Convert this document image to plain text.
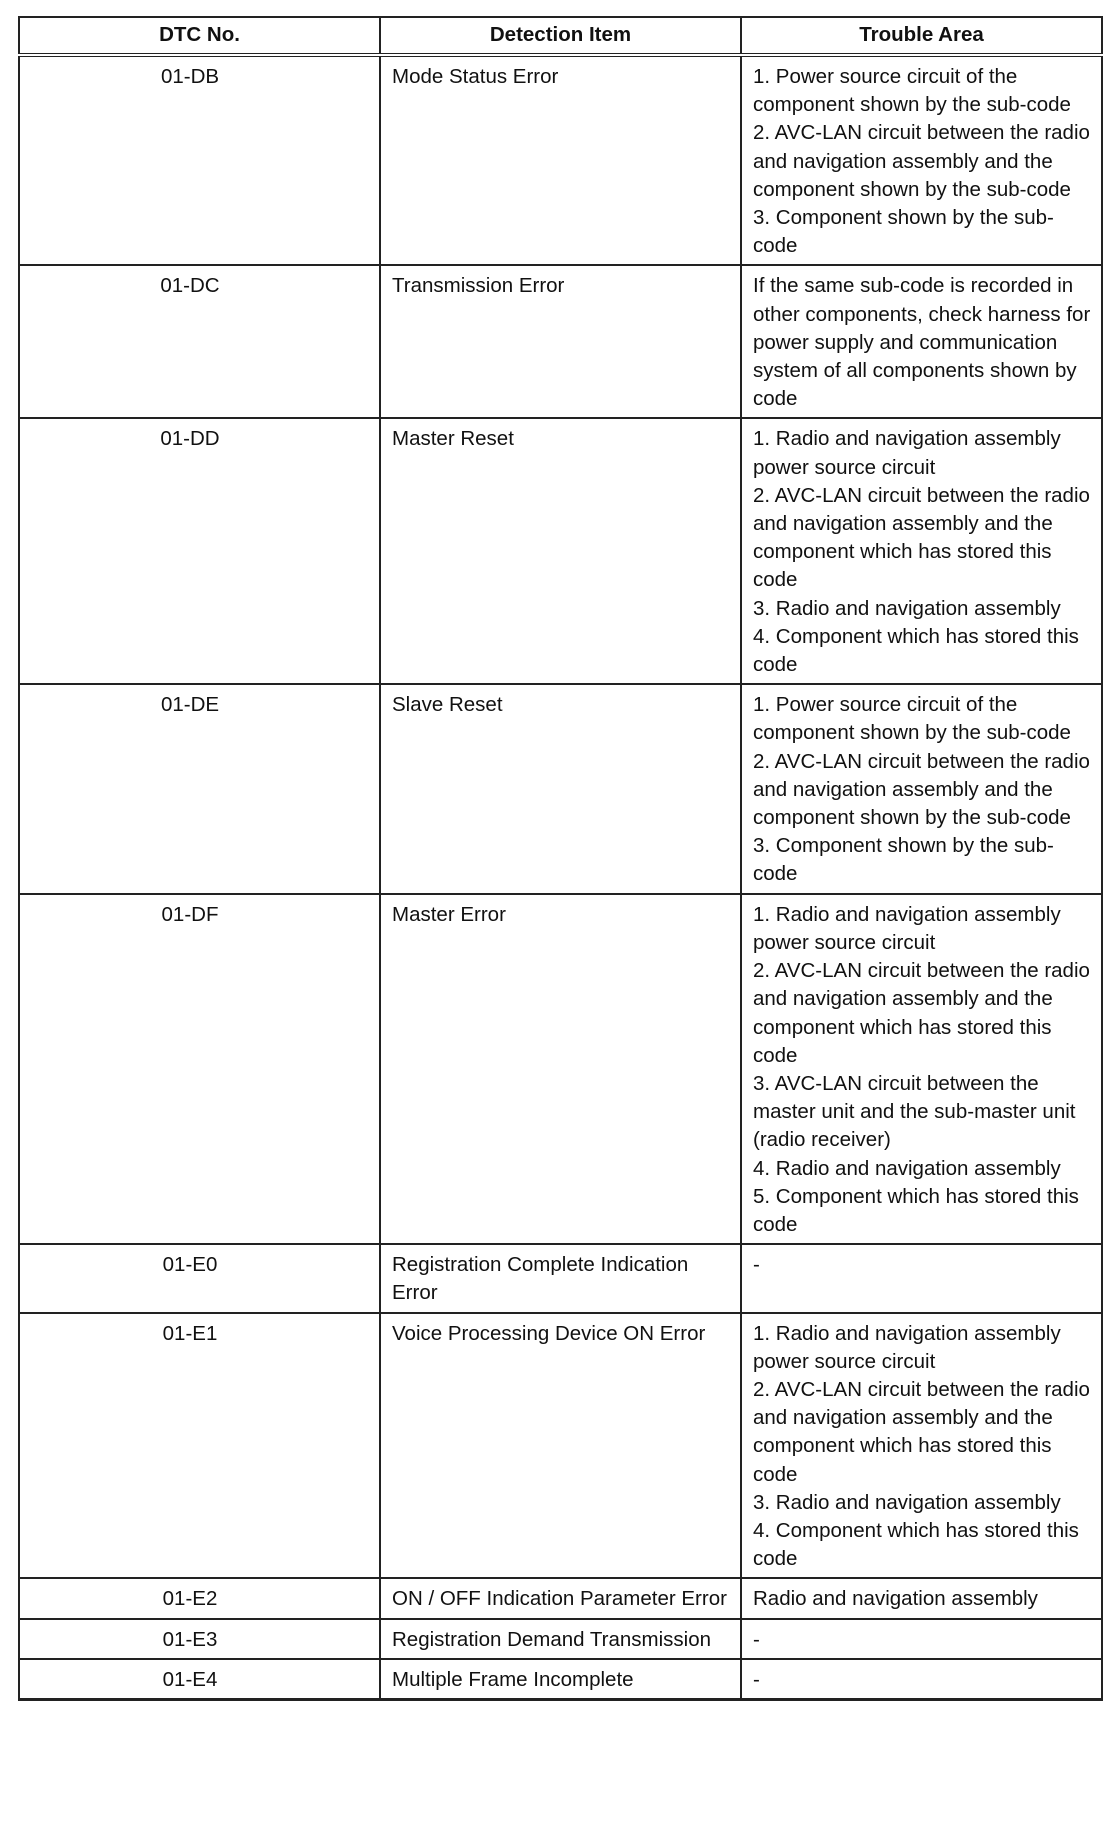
DTC No.	Detection Item	Trouble Area
01-DB	Mode Status Error	1. Power source circuit of the component shown by the sub-code
2. AVC-LAN circuit between the radio and navigation assembly and the component shown by the sub-code
3. Component shown by the sub-code
01-DC	Transmission Error	If the same sub-code is recorded in other components, check harness for power supply and communication system of all components shown by code
01-DD	Master Reset	1. Radio and navigation assembly power source circuit
2. AVC-LAN circuit between the radio and navigation assembly and the component which has stored this code
3. Radio and navigation assembly
4. Component which has stored this code
01-DE	Slave Reset	1. Power source circuit of the component shown by the sub-code
2. AVC-LAN circuit between the radio and navigation assembly and the component shown by the sub-code
3. Component shown by the sub-code
01-DF	Master Error	1. Radio and navigation assembly power source circuit
2. AVC-LAN circuit between the radio and navigation assembly and the component which has stored this code
3. AVC-LAN circuit between the master unit and the sub-master unit (radio receiver)
4. Radio and navigation assembly
5. Component which has stored this code
01-E0	Registration Complete Indication Error	-
01-E1	Voice Processing Device ON Error	1. Radio and navigation assembly power source circuit
2. AVC-LAN circuit between the radio and navigation assembly and the component which has stored this code
3. Radio and navigation assembly
4. Component which has stored this code
01-E2	ON / OFF Indication Parameter Error	Radio and navigation assembly
01-E3	Registration Demand Transmission	-
01-E4	Multiple Frame Incomplete	-
